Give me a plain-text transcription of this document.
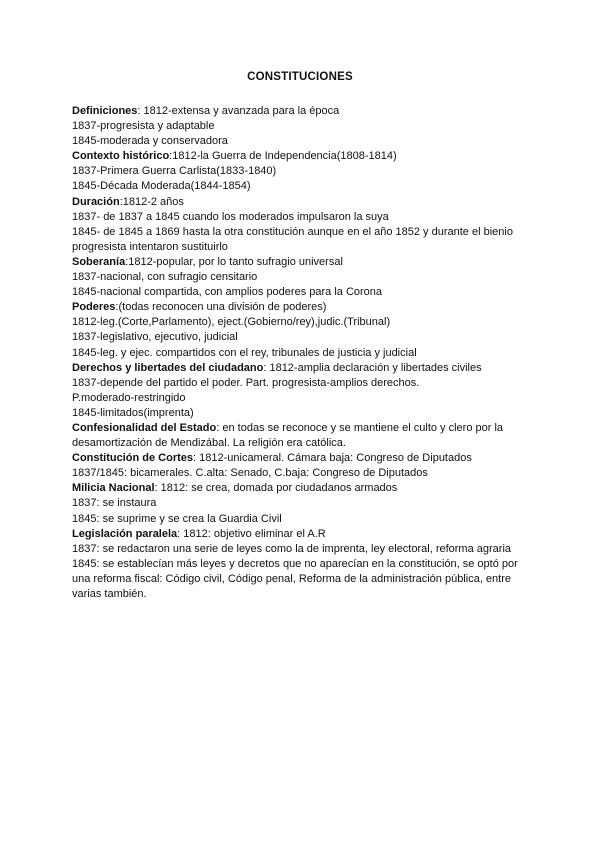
CONSTITUCIONES
Definiciones: 1812-extensa y avanzada para la época
1837-progresista y adaptable
1845-moderada y conservadora
Contexto histórico:1812-la Guerra de Independencia(1808-1814)
1837-Primera Guerra Carlista(1833-1840)
1845-Década Moderada(1844-1854)
Duración:1812-2 años
1837- de 1837 a 1845 cuando los moderados impulsaron la suya
1845- de 1845 a 1869 hasta la otra constitución aunque en el año 1852 y durante el bienio progresista intentaron sustituirlo
Soberanía:1812-popular, por lo tanto sufragio universal
1837-nacional, con sufragio censitario
1845-nacional compartida, con amplios poderes para la Corona
Poderes:(todas reconocen una división de poderes)
1812-leg.(Corte,Parlamento), eject.(Gobierno/rey),judic.(Tribunal)
1837-legislativo, ejecutivo, judicial
1845-leg. y ejec. compartidos con el rey, tribunales de justicia y judicial
Derechos y libertades del ciudadano: 1812-amplia declaración y libertades civiles
1837-depende del partido el poder. Part. progresista-amplios derechos.
P.moderado-restringido
1845-limitados(imprenta)
Confesionalidad del Estado: en todas se reconoce y se mantiene el culto y clero por la desamortización de Mendizábal. La religión era católica.
Constitución de Cortes: 1812-unicameral. Cámara baja: Congreso de Diputados
1837/1845: bicamerales. C.alta: Senado, C.baja: Congreso de Diputados
Milicia Nacional: 1812: se crea, domada por ciudadanos armados
1837: se instaura
1845: se suprime y se crea la Guardia Civil
Legislación paralela: 1812: objetivo eliminar el A.R
1837: se redactaron una serie de leyes como la de imprenta, ley electoral, reforma agraria
1845: se establecían más leyes y decretos que no aparecían en la constitución, se optó por una reforma fiscal: Código civil, Código penal, Reforma de la administración pública, entre varias también.
